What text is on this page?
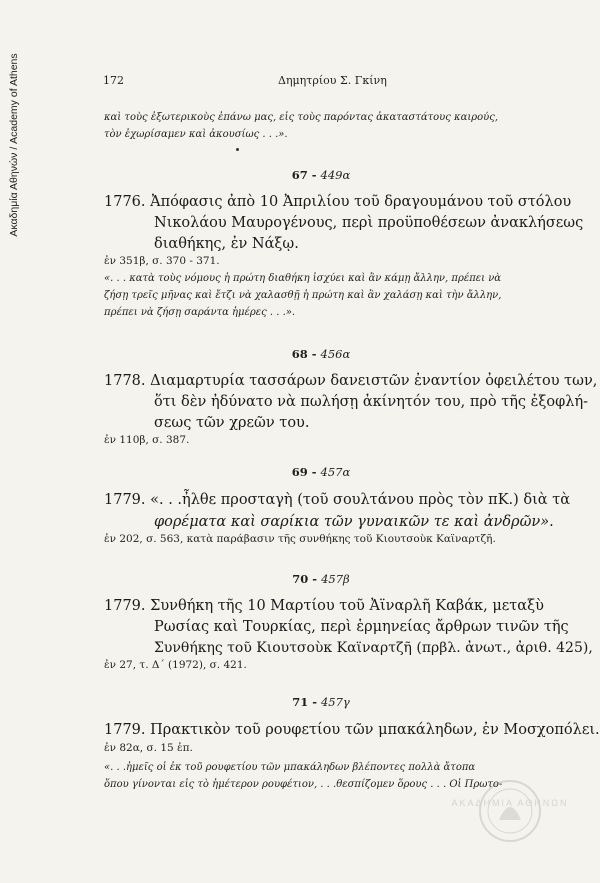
Ακαδημία Αθηνών / Academy of Athens	172	Δημητρίου Σ. Γκίνη
καὶ τοὺς ἐξωτερικοὺς ἐπάνω μας, εἰς τοὺς παρόντας ἀκαταστάτους καιρούς,
τὸν ἐχωρίσαμεν καὶ ἀκουσίως . . .».
67 - 449α
1776. Ἀπόφασις ἀπὸ 10 Ἀπριλίου τοῦ δραγουμάνου τοῦ στόλου
Νικολάου Μαυρογένους, περὶ προϋποθέσεων ἀνακλήσεως
διαθήκης, ἐν Νάξῳ.
ἐν 351β, σ. 370 - 371.
«. . . κατὰ τοὺς νόμους ἡ πρώτη διαθήκη ἰσχύει καὶ ἂν κάμῃ ἄλλην, πρέπει νὰ
ζήσῃ τρεῖς μῆνας καὶ ἔτζι νὰ χαλασθῇ ἡ πρώτη καὶ ἂν χαλάσῃ καὶ τὴν ἄλλην,
πρέπει νὰ ζήσῃ σαράντα ἡμέρες . . .».
68 - 456α
1778. Διαμαρτυρία τασσάρων δανειστῶν ἐναντίον ὀφειλέτου των,
ὅτι δὲν ἠδύνατο νὰ πωλήσῃ ἀκίνητόν του, πρὸ τῆς ἐξοφλή-
σεως τῶν χρεῶν του.
ἐν 110β, σ. 387.
69 - 457α
1779. «. . .ἦλθε προσταγὴ (τοῦ σουλτάνου πρὸς τὸν πΚ.) διὰ τὰ
φορέματα καὶ σαρίκια τῶν γυναικῶν τε καὶ ἀνδρῶν».
ἐν 202, σ. 563, κατὰ παράβασιν τῆς συνθήκης τοῦ Κιουτσοὺκ Καϊναρτζῆ.
70 - 457β
1779. Συνθήκη τῆς 10 Μαρτίου τοῦ Ἀϊναρλῆ Καβάκ, μεταξὺ
Ρωσίας καὶ Τουρκίας, περὶ ἑρμηνείας ἄρθρων τινῶν τῆς
Συνθήκης τοῦ Κιουτσοὺκ Καϊναρτζῆ (πρβλ. ἀνωτ., ἀριθ. 425),
ἐν 27, τ. Δ´ (1972), σ. 421.
71 - 457γ
1779. Πρακτικὸν τοῦ ρουφετίου τῶν μπακάληδων, ἐν Μοσχοπόλει.
ἐν 82α, σ. 15 ἐπ.
«. . .ἡμεῖς οἱ ἐκ τοῦ ρουφετίου τῶν μπακάληδων βλέποντες πολλὰ ἄτοπα
ὅπου γίνονται εἰς τὸ ἡμέτερον ρουφέτιον, . . .θεσπίζομεν ὅρους . . . Οἱ Πρωτο-
ΑΚΑΔΗΜΙΑ ΑΘΗΝΩΝ
